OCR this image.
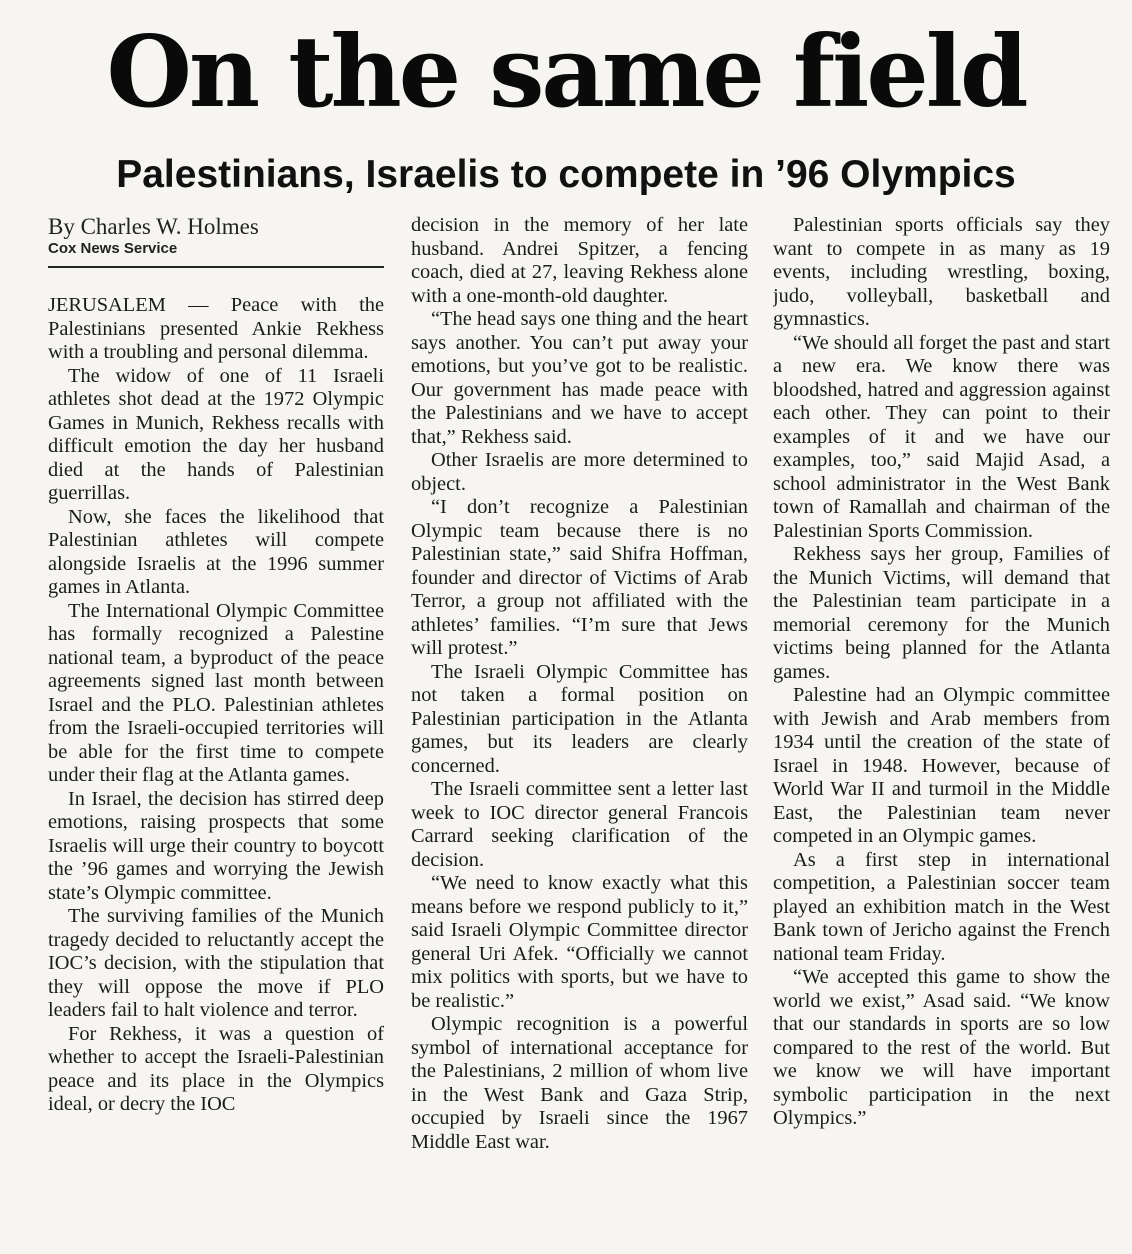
On the same field
Palestinians, Israelis to compete in ’96 Olympics

By Charles W. Holmes

Cox News Service

JERUSALEM — Peace with the Palestinians presented Ankie Rekhess with a troubling and personal dilemma.

The widow of one of 11 Israeli athletes shot dead at the 1972 Olympic Games in Munich, Rekhess recalls with difficult emotion the day her husband died at the hands of Palestinian guerrillas.

Now, she faces the likelihood that Palestinian athletes will compete alongside Israelis at the 1996 summer games in Atlanta.

The International Olympic Committee has formally recognized a Palestine national team, a byproduct of the peace agreements signed last month between Israel and the PLO. Palestinian athletes from the Israeli-occupied territories will be able for the first time to compete under their flag at the Atlanta games.

In Israel, the decision has stirred deep emotions, raising prospects that some Israelis will urge their country to boycott the ’96 games and worrying the Jewish state’s Olympic committee.

The surviving families of the Munich tragedy decided to reluctantly accept the IOC’s decision, with the stipulation that they will oppose the move if PLO leaders fail to halt violence and terror.

For Rekhess, it was a question of whether to accept the Israeli-Palestinian peace and its place in the Olympics ideal, or decry the IOC

decision in the memory of her late husband. Andrei Spitzer, a fencing coach, died at 27, leaving Rekhess alone with a one-month-old daughter.

“The head says one thing and the heart says another. You can’t put away your emotions, but you’ve got to be realistic. Our government has made peace with the Palestinians and we have to accept that,” Rekhess said.

Other Israelis are more determined to object.

“I don’t recognize a Palestinian Olympic team because there is no Palestinian state,” said Shifra Hoffman, founder and director of Victims of Arab Terror, a group not affiliated with the athletes’ families. “I’m sure that Jews will protest.”

The Israeli Olympic Committee has not taken a formal position on Palestinian participation in the Atlanta games, but its leaders are clearly concerned.

The Israeli committee sent a letter last week to IOC director general Francois Carrard seeking clarification of the decision.

“We need to know exactly what this means before we respond publicly to it,” said Israeli Olympic Committee director general Uri Afek. “Officially we cannot mix politics with sports, but we have to be realistic.”

Olympic recognition is a powerful symbol of international acceptance for the Palestinians, 2 million of whom live in the West Bank and Gaza Strip, occupied by Israeli since the 1967 Middle East war.

Palestinian sports officials say they want to compete in as many as 19 events, including wrestling, boxing, judo, volleyball, basketball and gymnastics.

“We should all forget the past and start a new era. We know there was bloodshed, hatred and aggression against each other. They can point to their examples of it and we have our examples, too,” said Majid Asad, a school administrator in the West Bank town of Ramallah and chairman of the Palestinian Sports Commission.

Rekhess says her group, Families of the Munich Victims, will demand that the Palestinian team participate in a memorial ceremony for the Munich victims being planned for the Atlanta games.

Palestine had an Olympic committee with Jewish and Arab members from 1934 until the creation of the state of Israel in 1948. However, because of World War II and turmoil in the Middle East, the Palestinian team never competed in an Olympic games.

As a first step in international competition, a Palestinian soccer team played an exhibition match in the West Bank town of Jericho against the French national team Friday.

“We accepted this game to show the world we exist,” Asad said. “We know that our standards in sports are so low compared to the rest of the world. But we know we will have important symbolic participation in the next Olympics.”
